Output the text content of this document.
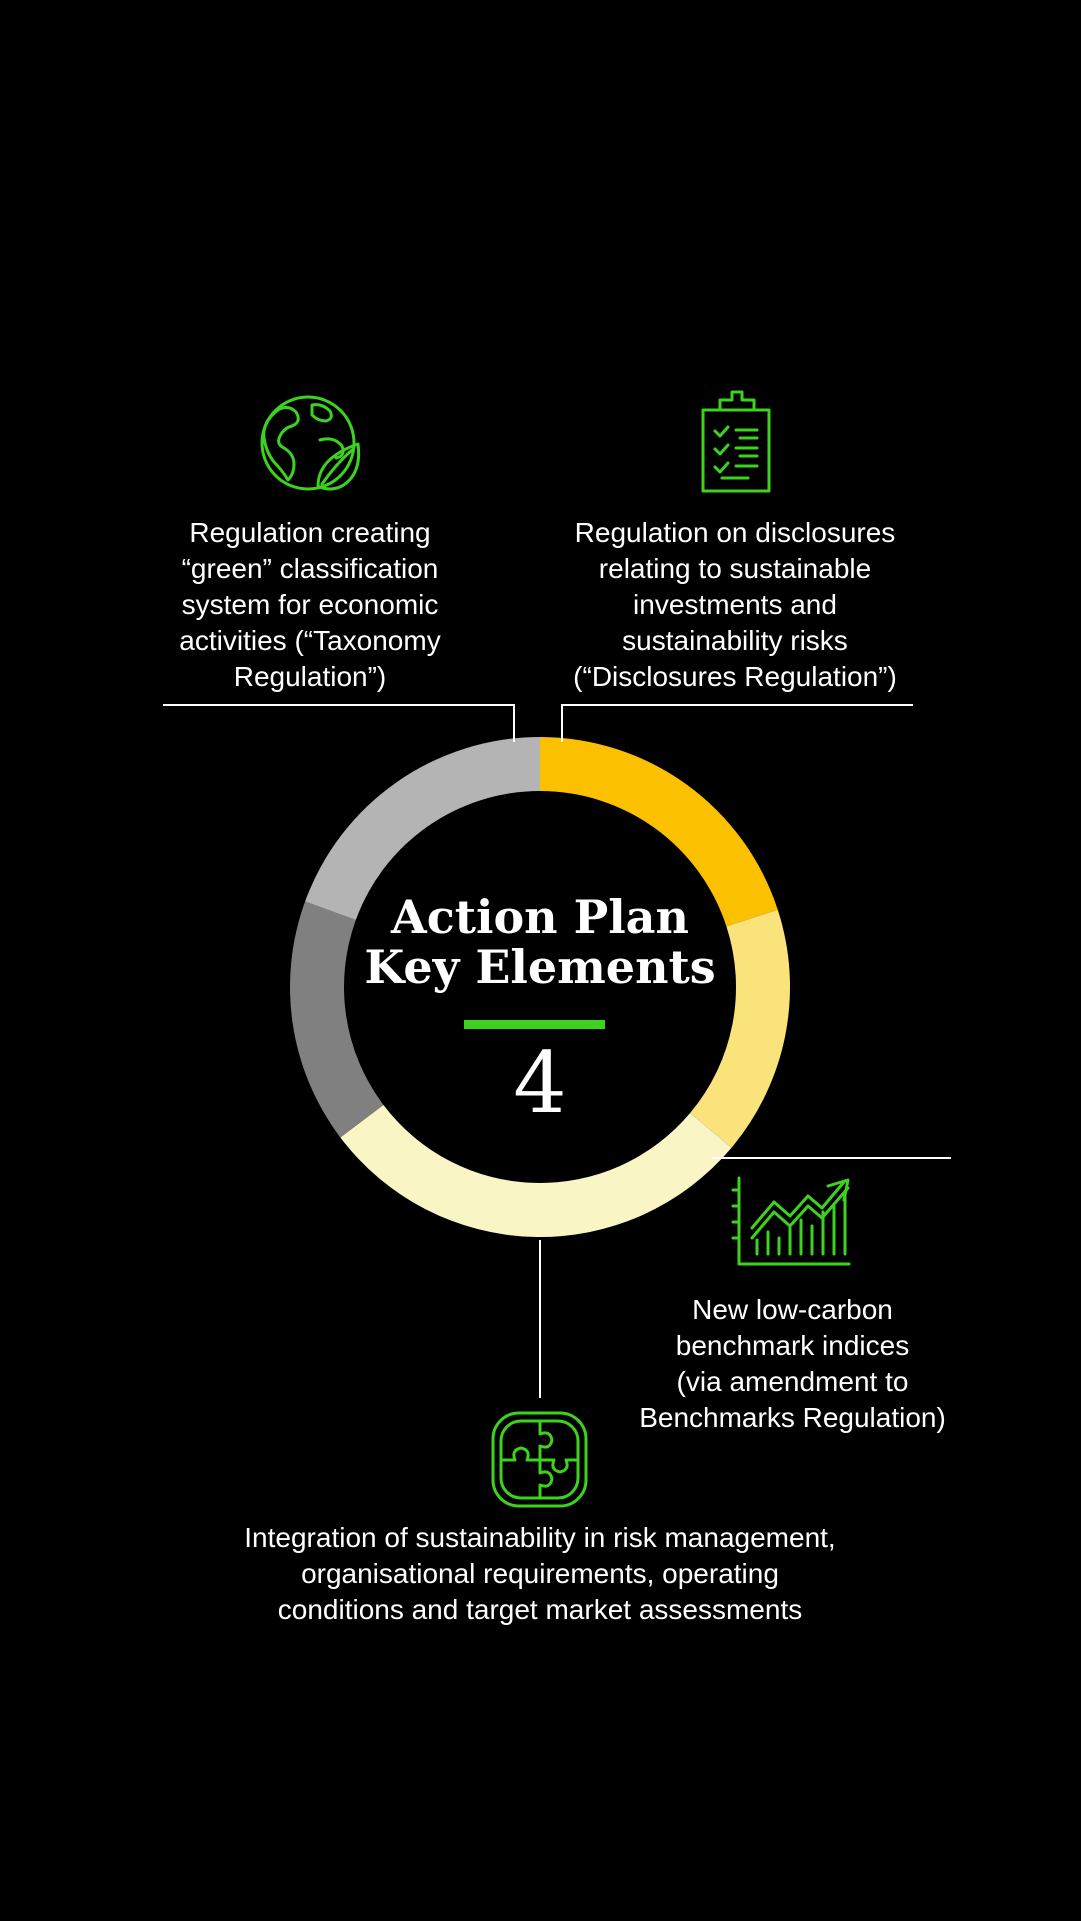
Action Plan
Key Elements
4
Regulation creating
“green” classification
system for economic
activities (“Taxonomy
Regulation”)
Regulation on disclosures
relating to sustainable
investments and
sustainability risks
(“Disclosures Regulation”)
New low-carbon
benchmark indices
(via amendment to
Benchmarks Regulation)
Integration of sustainability in risk management,
organisational requirements, operating
conditions and target market assessments
